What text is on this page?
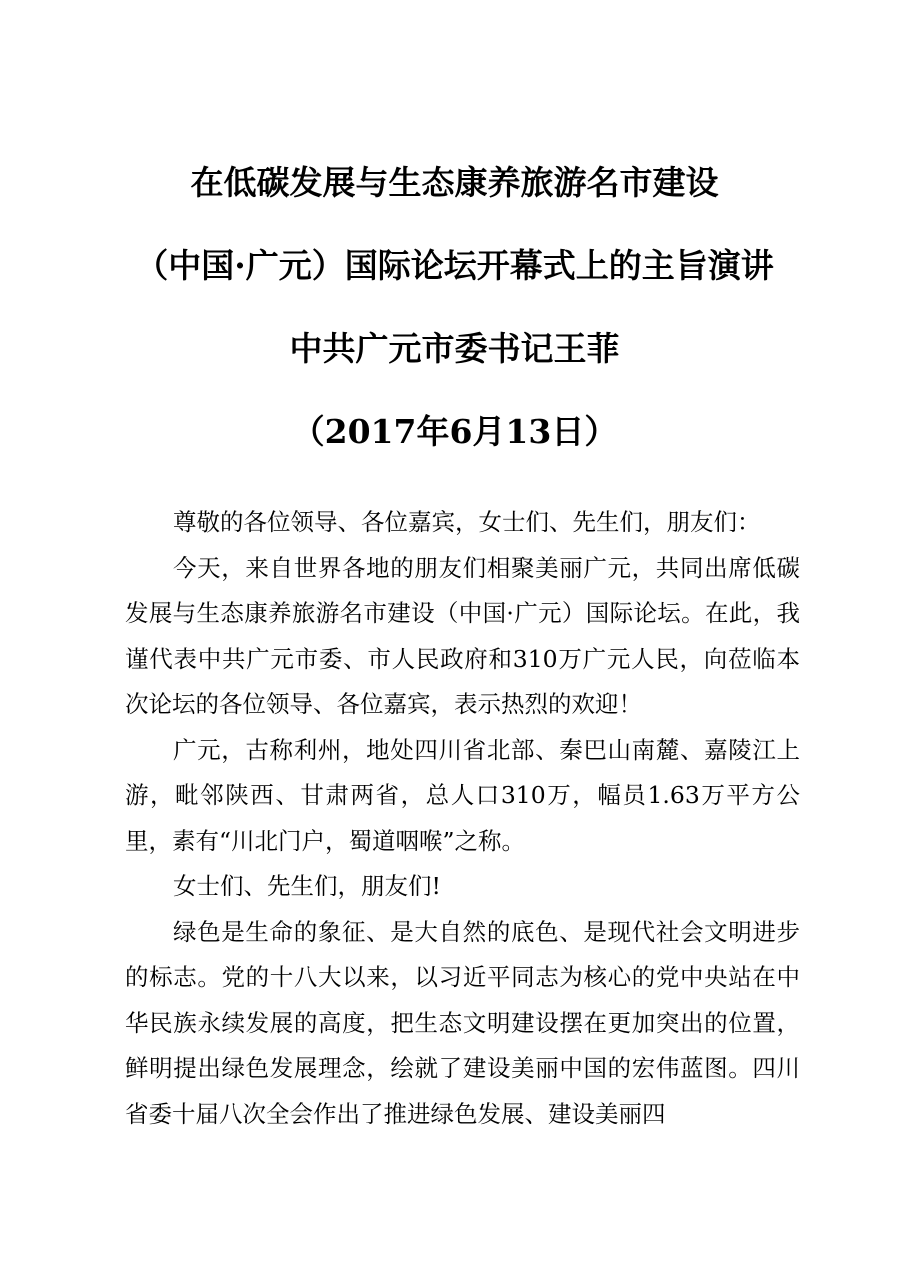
在低碳发展与生态康养旅游名市建设
（中国·广元）国际论坛开幕式上的主旨演讲
中共广元市委书记王菲
（2017年6月13日）

尊敬的各位领导、各位嘉宾，女士们、先生们，朋友们：

今天，来自世界各地的朋友们相聚美丽广元，共同出席低碳发展与生态康养旅游名市建设（中国·广元）国际论坛。在此，我谨代表中共广元市委、市人民政府和310万广元人民，向莅临本次论坛的各位领导、各位嘉宾，表示热烈的欢迎！

广元，古称利州，地处四川省北部、秦巴山南麓、嘉陵江上游，毗邻陕西、甘肃两省，总人口310万，幅员1.63万平方公里，素有“川北门户，蜀道咽喉”之称。

女士们、先生们，朋友们!

绿色是生命的象征、是大自然的底色、是现代社会文明进步的标志。党的十八大以来，以习近平同志为核心的党中央站在中华民族永续发展的高度，把生态文明建设摆在更加突出的位置，鲜明提出绿色发展理念，绘就了建设美丽中国的宏伟蓝图。四川省委十届八次全会作出了推进绿色发展、建设美丽四
